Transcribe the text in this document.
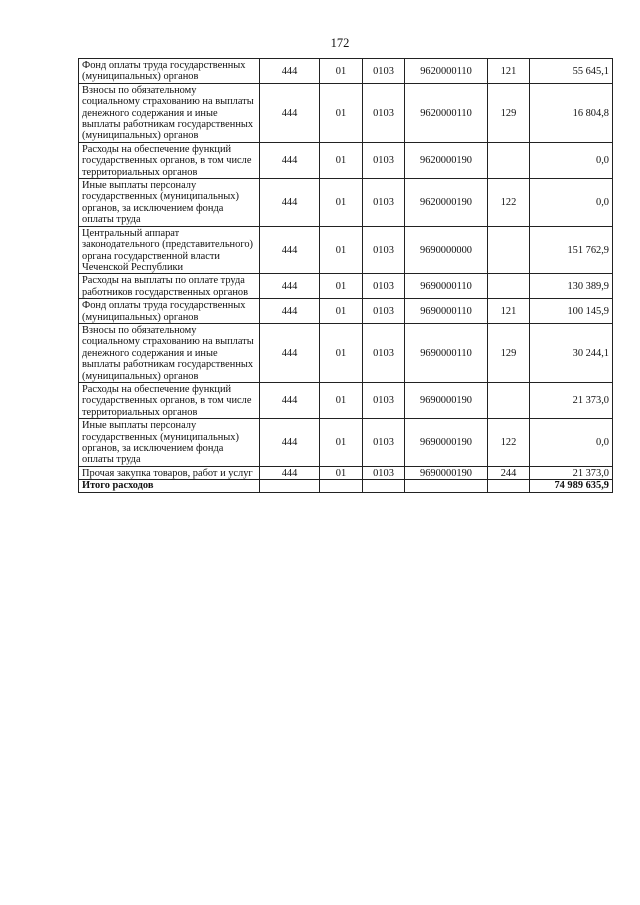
172
Фонд оплаты труда государственных (муниципальных) органов	444	01	0103	9620000110	121	55 645,1
Взносы по обязательному социальному страхованию на выплаты денежного содержания и иные выплаты работникам государственных (муниципальных) органов	444	01	0103	9620000110	129	16 804,8
Расходы на обеспечение функций государственных органов, в том числе территориальных органов	444	01	0103	9620000190		0,0
Иные выплаты персоналу государственных (муниципальных) органов, за исключением фонда оплаты труда	444	01	0103	9620000190	122	0,0
Центральный аппарат законодательного (представительного) органа государственной власти Чеченской Республики	444	01	0103	9690000000		151 762,9
Расходы на выплаты по оплате труда работников государственных органов	444	01	0103	9690000110		130 389,9
Фонд оплаты труда государственных (муниципальных) органов	444	01	0103	9690000110	121	100 145,9
Взносы по обязательному социальному страхованию на выплаты денежного содержания и иные выплаты работникам государственных (муниципальных) органов	444	01	0103	9690000110	129	30 244,1
Расходы на обеспечение функций государственных органов, в том числе территориальных органов	444	01	0103	9690000190		21 373,0
Иные выплаты персоналу государственных (муниципальных) органов, за исключением фонда оплаты труда	444	01	0103	9690000190	122	0,0
Прочая закупка товаров, работ и услуг	444	01	0103	9690000190	244	21 373,0
Итого расходов						74 989 635,9
